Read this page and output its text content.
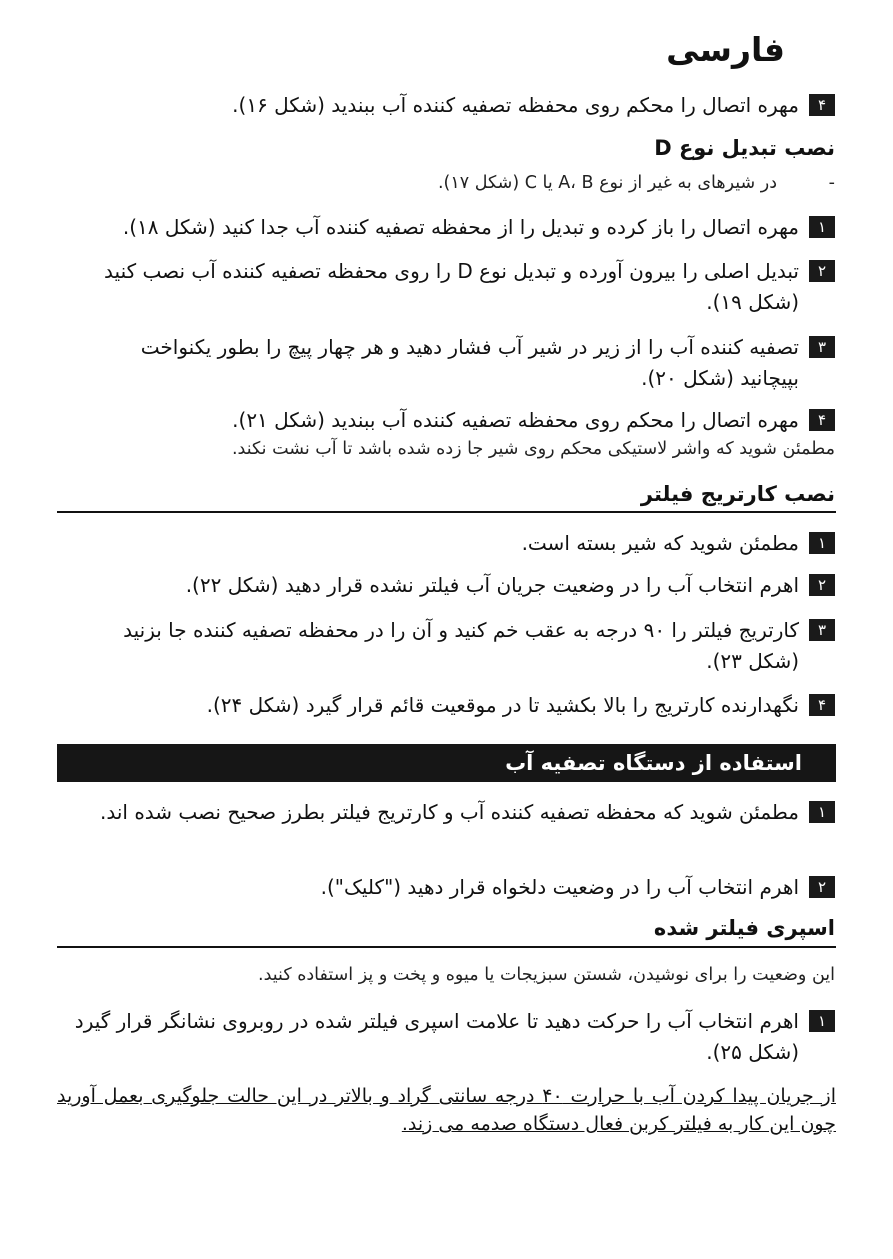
فارسی
۴
مهره اتصال را محکم روی محفظه تصفیه کننده آب ببندید (شکل ۱۶).
نصب تبدیل نوع D
-
در شیرهای به غیر از نوع A، B یا C (شکل ۱۷).
۱
مهره اتصال را باز کرده و تبدیل را از محفظه تصفیه کننده آب جدا کنید (شکل ۱۸).
۲
تبدیل اصلی را بیرون آورده و تبدیل نوع D را روی محفظه تصفیه کننده آب نصب کنید (شکل ۱۹).
۳
تصفیه کننده آب را از زیر در شیر آب فشار دهید و هر چهار پیچ را بطور یکنواخت بپیچانید (شکل ۲۰).
۴
مهره اتصال را محکم روی محفظه تصفیه کننده آب ببندید (شکل ۲۱).
مطمئن شوید که واشر لاستیکی محکم روی شیر جا زده شده باشد تا آب نشت نکند.
نصب کارتریج فیلتر
۱
مطمئن شوید که شیر بسته است.
۲
اهرم انتخاب آب را در وضعیت جریان آب فیلتر نشده قرار دهید (شکل ۲۲).
۳
کارتریج فیلتر را ۹۰ درجه به عقب خم کنید و آن را در محفظه تصفیه کننده جا بزنید (شکل ۲۳).
۴
نگهدارنده کارتریج را بالا بکشید تا در موقعیت قائم قرار گیرد (شکل ۲۴).
استفاده از دستگاه تصفیه آب
۱
مطمئن شوید که محفظه تصفیه کننده آب و کارتریج فیلتر بطرز صحیح نصب شده اند.
۲
اهرم انتخاب آب را در وضعیت دلخواه قرار دهید ("کلیک").
اسپری فیلتر شده
این وضعیت را برای نوشیدن، شستن سبزیجات یا میوه و پخت و پز استفاده کنید.
۱
اهرم انتخاب آب را حرکت دهید تا علامت اسپری فیلتر شده در روبروی نشانگر قرار گیرد (شکل ۲۵).
از جریان پیدا کردن آب با حرارت ۴۰ درجه سانتی گراد و بالاتر در این حالت جلوگیری بعمل آورید چون این کار به فیلتر کربن فعال دستگاه صدمه می زند.
